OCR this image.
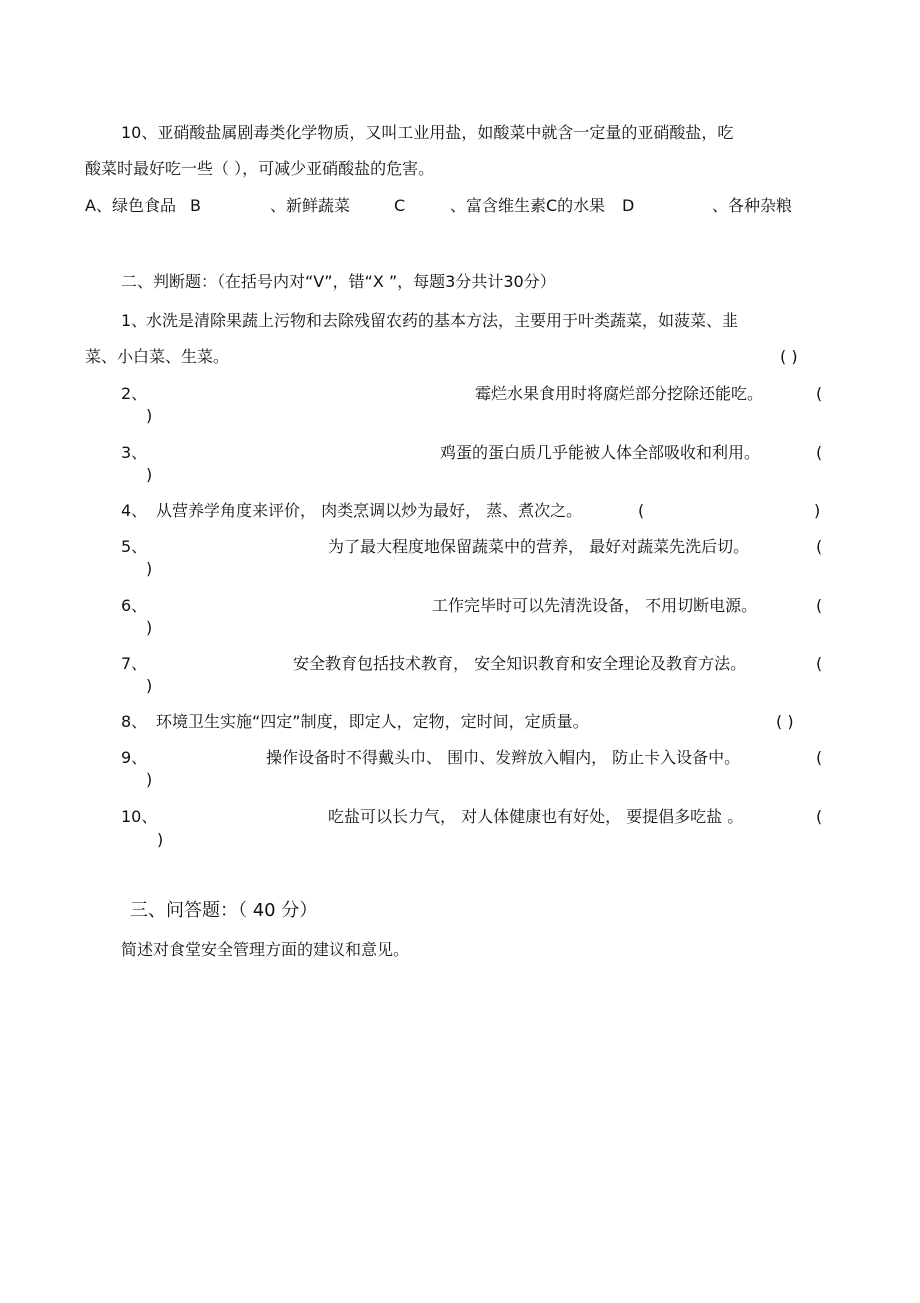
10、亚硝酸盐属剧毒类化学物质，又叫工业用盐，如酸菜中就含一定量的亚硝酸盐，吃
酸菜时最好吃一些（ ），可减少亚硝酸盐的危害。
A、绿色食品 B	、新鲜蔬菜	C	、富含维生素C的水果 D	、各种杂粮
二、判断题：（在括号内对“V”，错“X ”，每题3分共计30分）
1、
水洗是清除果蔬上污物和去除残留农药的基本方法，主要用于叶类蔬菜，如菠菜、韭
菜、小白菜、生菜。	( )
2、	霉烂水果食用时将腐烂部分挖除还能吃。	(
)
3、	鸡蛋的蛋白质几乎能被人体全部吸收和利用。	(
)
4、 从营养学角度来评价， 肉类烹调以炒为最好， 蒸、煮次之。	(	)
5、	为了最大程度地保留蔬菜中的营养， 最好对蔬菜先洗后切。	(
)
6、	工作完毕时可以先清洗设备， 不用切断电源。	(
)
7、	安全教育包括技术教育， 安全知识教育和安全理论及教育方法。	(
)
8、 环境卫生实施“四定”制度，即定人，定物，定时间，定质量。	( )
9、	操作设备时不得戴头巾、 围巾、发辫放入帽内， 防止卡入设备中。	(
)
10、	吃盐可以长力气， 对人体健康也有好处， 要提倡多吃盐 。	(
)
三、问答题：（ 40 分）
简述对食堂安全管理方面的建议和意见。
